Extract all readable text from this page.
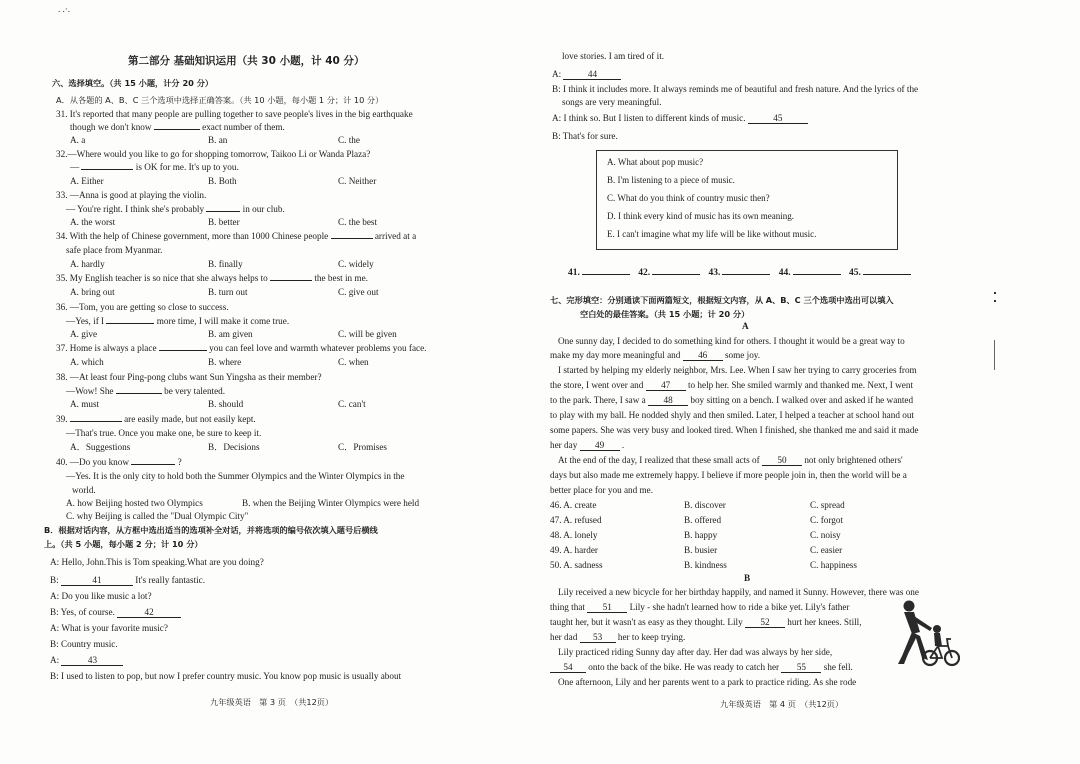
. .·.
第二部分 基础知识运用（共 30 小题，计 40 分）
六、选择填空。（共 15 小题，计分 20 分）
A．从各题的 A、B、C 三个选项中选择正确答案。（共 10 小题，每小题 1 分；计 10 分）
31. It's reported that many people are pulling together to save people's lives in the big earthquake
though we don't know	exact number of them.
A. a	B. an	C. the
32.—Where would you like to go for shopping tomorrow, Taikoo Li or Wanda Plaza?
—	is OK for me. It's up to you.
A. Either	B. Both	C. Neither
33. —Anna is good at playing the violin.
— You're right. I think she's probably	in our club.
A. the worst	B. better	C. the best
34. With the help of Chinese government, more than 1000 Chinese people	arrived at a
safe place from Myanmar.
A. hardly	B. finally	C. widely
35. My English teacher is so nice that she always helps to	the best in me.
A. bring out	B. turn out	C. give out
36. —Tom, you are getting so close to success.
—Yes, if I	more time, I will make it come true.
A. give	B. am given	C. will be given
37. Home is always a place	you can feel love and warmth whatever problems you face.
A. which	B. where	C. when
38. —At least four Ping-pong clubs want Sun Yingsha as their member?
—Wow! She	be very talented.
A. must	B. should	C. can't
39.	are easily made, but not easily kept.
—That's true. Once you make one, be sure to keep it.
A．Suggestions	B．Decisions	C．Promises
40. —Do you know	?
—Yes. It is the only city to hold both the Summer Olympics and the Winter Olympics in the
world.
A. how Beijing hosted two Olympics	B. when the Beijing Winter Olympics were held
C. why Beijing is called the "Dual Olympic City"
B．根据对话内容，从方框中选出适当的选项补全对话，并将选项的编号依次填入题号后横线
上。（共 5 小题，每小题 2 分；计 10 分）
A: Hello, John.This is Tom speaking.What are you doing?
B:	41	It's really fantastic.
A: Do you like music a lot?
B: Yes, of course.	42
A: What is your favorite music?
B: Country music.
A:	43
B: I used to listen to pop, but now I prefer country music. You know pop music is usually about
九年级英语　第 3 页　（共12页）
love stories. I am tired of it.
A:	44
B: I think it includes more. It always reminds me of beautiful and fresh nature. And the lyrics of the
songs are very meaningful.
A: I think so. But I listen to different kinds of music.	45
B: That's for sure.
A. What about pop music?
B. I'm listening to a piece of music.
C. What do you think of country music then?
D. I think every kind of music has its own meaning.
E. I can't imagine what my life will be like without music.
41.	42.	43.	44.	45.
七、完形填空：分别通读下面两篇短文，根据短文内容，从 A、B、C 三个选项中选出可以填入
空白处的最佳答案。（共 15 小题；计 20 分）
A
One sunny day, I decided to do something kind for others. I thought it would be a great way to
make my day more meaningful and 46 some joy.
I started by helping my elderly neighbor, Mrs. Lee. When I saw her trying to carry groceries from
the store, I went over and 47 to help her. She smiled warmly and thanked me. Next, I went
to the park. There, I saw a 48 boy sitting on a bench. I walked over and asked if he wanted
to play with my ball. He nodded shyly and then smiled. Later, I helped a teacher at school hand out
some papers. She was very busy and looked tired. When I finished, she thanked me and said it made
her day 49 .
At the end of the day, I realized that these small acts of 50 not only brightened others'
days but also made me extremely happy. I believe if more people join in, then the world will be a
better place for you and me.
46. A. create	B. discover	C. spread
47. A. refused	B. offered	C. forgot
48. A. lonely	B. happy	C. noisy
49. A. harder	B. busier	C. easier
50. A. sadness	B. kindness	C. happiness
B
Lily received a new bicycle for her birthday happily, and named it Sunny. However, there was one
thing that 51 Lily - she hadn't learned how to ride a bike yet. Lily's father
taught her, but it wasn't as easy as they thought. Lily 52 hurt her knees. Still,
her dad 53 her to keep trying.
Lily practiced riding Sunny day after day. Her dad was always by her side,
54 onto the back of the bike. He was ready to catch her 55 she fell.
One afternoon, Lily and her parents went to a park to practice riding. As she rode
九年级英语　第 4 页　（共12页）
